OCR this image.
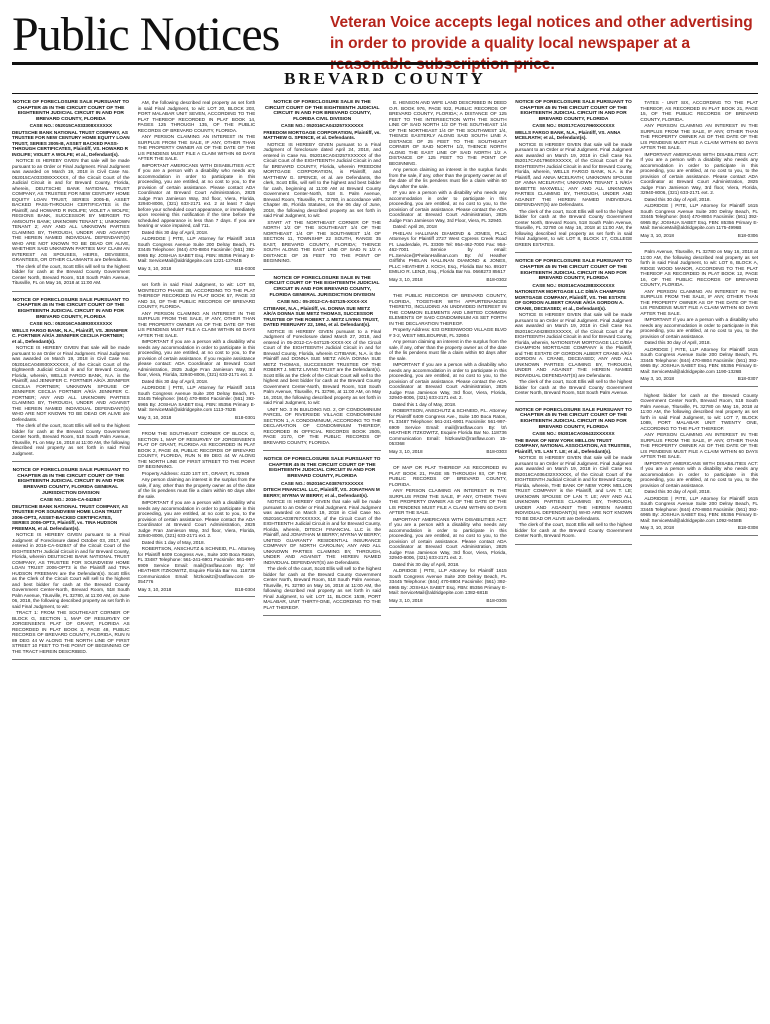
Public Notices	Veteran Voice accepts legal notices and other advertising in order to provide a quality local newspaper at a reasonable subscription price.
BREVARD COUNTY
NOTICE OF FORECLOSURE SALE PURSUANT TO CHAPTER 45 IN THE CIRCUIT COURT OF THE EIGHTEENTH JUDICIAL CIRCUIT IN AND FOR BREVARD COUNTY, FLORIDA
CASE NO.: 052015CA033308XXXXXX
DEUTSCHE BANK NATIONAL TRUST COMPANY, AS TRUSTEE FOR NEW CENTURY HOME EQUITY LOAN TRUST, SERIES 2005-B, ASSET BACKED PASS-THROUGH CERTIFICATES, Plaintiff, VS. HOWARD R INOLIFE; VIOLET A WOLFE; et al., Defendant(s).

NOTICE IS HEREBY GIVEN that sale will be made pursuant to an Order or Final Judgment. Final Judgment was awarded on March 19, 2018 in Civil Case No. 052015CA033308XXXXXX, of the Circuit Court of the Judicial Circuit in and for Brevard County, Florida, wherein, DEUTSCHE BANK NATIONAL TRUST COMPANY, AS TRUSTEE FOR NEW CENTURY HOME EQUITY LOAN TRUST, SERIES 2005-B, ASSET BACKED PASS-THROUGH CERTIFICATES is the Plaintiff, and HOWARD R INOLIFE; VIOLET A WOLFE; REGIONS BANK, SUCCESSOR BY MERGER TO AMSOUTH BANK; UNKNOWN TENANT 1; UNKNOWN TENANT 2; ANY AND ALL UNKNOWN PARTIES CLAIMING BY, THROUGH, UNDER AND AGAINST THE HEREIN NAMED INDIVIDUAL DEFENDANT(S) WHO ARE NOT KNOWN TO BE DEAD OR ALIVE, WHETHER SAID UNKNOWN PARTIES MAY CLAIM AN INTEREST AS SPOUSES, HEIRS, DEVISEES, GRANTEES, OR OTHER CLAIMANTS are Defendants.

The clerk of the court, Scott Ellis will sell to the highest bidder for cash at the Brevard County Government Center North, Brevard Room, 518 South Palm Avenue, Titusville, FL on May 16, 2018 at 11:00 AM.

NOTICE OF FORECLOSURE SALE PURSUANT TO CHAPTER 45 IN THE CIRCUIT COURT OF THE EIGHTEENTH JUDICIAL CIRCUIT IN AND FOR BREVARD COUNTY, FLORIDA
CASE NO.: 052016CA048930XXXXXX
WELLS FARGO BANK, N.A., Plaintiff, VS. JENNIFER C. FORTNER A/K/A JENNIFER CECILIA FORTNER; et al., Defendant(s).

NOTICE IS HEREBY GIVEN that sale will be made pursuant to an Order or Final Judgment. Final Judgment was awarded on March 19, 2018 in Civil Case No. 052016CA048930XXXXXX, of the Circuit Court of the Eighteenth Judicial Circuit in and for Brevard County, Florida, wherein, WELLS FARGO BANK, N.A. is the Plaintiff, and JENNIFER C. FORTNER A/K/A JENNIFER CECILIA FORTNER; UNKNOWN SPOUSE OF JENNIFER CECILIA FORTNER A/K/A JENNIFER C. FORTNER; ANY AND ALL UNKNOWN PARTIES CLAIMING BY, THROUGH, UNDER AND AGAINST THE HEREIN NAMED INDIVIDUAL DEFENDANT(S) WHO ARE NOT KNOWN TO BE DEAD OR ALIVE are Defendants.

The clerk of the court, Scott Ellis will sell to the highest bidder for cash at the Brevard County Government Center North, Brevard Room, 518 South Palm Avenue, Titusville, FL on May 16, 2018 at 11:00 AM, the following described real property as set forth in said Final Judgment.

NOTICE OF FORECLOSURE SALE PURSUANT TO CHAPTER 45 IN THE CIRCUIT COURT OF THE EIGHTEENTH JUDICIAL CIRCUIT IN AND FOR BREVARD COUNTY, FLORIDA GENERAL JURISDICTION DIVISION
CASE NO.: 2016-CA-042847
DEUTSCHE BANK NATIONAL TRUST COMPANY, AS TRUSTEE FOR SOUNDVIEW HOME LOAN TRUST 2006-OPT3, ASSET-BACKED CERTIFICATES, SERIES 2006-OPT3, Plaintiff, vs. TINA HUDSON FREEMAN, et al. Defendant(s).

NOTICE IS HEREBY GIVEN pursuant to a Final Judgment of Foreclosure dated October 03, 2017, and entered in 2016-CA-042847 of the Circuit Court of the EIGHTEENTH Judicial Circuit in and for Brevard County, Florida, wherein DEUTSCHE BANK NATIONAL TRUST COMPANY, AS TRUSTEE FOR SOUNDVIEW HOME LOAN TRUST 2006-OPT3 is the Plaintiff and TINA HUDSON FREEMAN are the Defendant(s). Scott Ellis as the Clerk of the Circuit Court will sell to the highest and best bidder for cash at the Brevard County Government Center-North, Brevard Room, 518 South Palm Avenue, Titusville, FL 32780, at 11:00 AM, on June 06, 2018, the following described property as set forth in said Final Judgment, to wit:

TRACT 1: FROM THE SOUTHEAST CORNER OF BLOCK G, SECTION 1, MAP OF RESURVEY OF JORGENSEN'S PLAT OF GRANT, FLORIDA AS RECORDED IN PLAT BOOK 2, PAGE 48, PUBLIC RECORDS OF BREVARD COUNTY, FLORIDA, RUN N 89 DEG 44 W ALONG THE NORTH LINE OF FIRST STREET 10 FEET TO THE POINT OF BEGINNING OF THE TRACT HEREIN DESCRIBED.

AM, the following described real property as set forth in said Final Judgment, to wit: LOT 20, BLOCK 203, PORT MALABAR UNIT SEVEN, ACCORDING TO THE PLAT THEREOF RECORDED IN PLAT BOOK 14, PAGES 125 THROUGH 135, OF THE PUBLIC RECORDS OF BREVARD COUNTY, FLORIDA.

ANY PERSON CLAIMING AN INTEREST IN THE SURPLUS FROM THE SALE, IF ANY, OTHER THAN THE PROPERTY OWNER AS OF THE DATE OF THE LIS PENDENS MUST FILE A CLAIM WITHIN 60 DAYS AFTER THE SALE.

IMPORTANT AMERICANS WITH DISABILITIES ACT: If you are a person with a disability who needs any accommodation in order to participate in this proceeding, you are entitled, at no cost to you, to the provision of certain assistance. Please contact ADA Coordinator at Brevard Court Administration, 2825 Judge Fran Jamieson Way, 3rd floor, Viera, Florida, 32940-8006, (321) 633-2171 ext. 2 at least 7 days before your scheduled court appearance, or immediately upon receiving this notification if the time before the scheduled appearance is less than 7 days. If you are hearing or voice impaired, call 711.

Dated this 30 day of April, 2018.

ALDRIDGE | PITE, LLP Attorney for Plaintiff 1615 South Congress Avenue Suite 200 Delray Beach, FL 33445 Telephone: (844) 470-8804 Facsimile: (561) 392-6965 By: JOSHUA SABET Esq. FBN: 85356 Primary E-Mail: ServiceMail@aldridgepite.com 1221-12764B

May 3, 10, 2018	B18-0300

set forth in said Final Judgment, to wit: LOT 93, MONTECITO PHASE 2B, ACCORDING TO THE PLAT THEREOF RECORDED IN PLAT BOOK 57, PAGE 33 AND 34, OF THE PUBLIC RECORDS OF BREVARD COUNTY, FLORIDA.

ANY PERSON CLAIMING AN INTEREST IN THE SURPLUS FROM THE SALE, IF ANY, OTHER THAN THE PROPERTY OWNER AS OF THE DATE OF THE LIS PENDENS MUST FILE A CLAIM WITHIN 60 DAYS AFTER THE SALE.

IMPORTANT If you are a person with a disability who needs any accommodation in order to participate in this proceeding, you are entitled, at no cost to you, to the provision of certain assistance. If you require assistance please contact: ADA Coordinator at Brevard Court Administration, 2825 Judge Fran Jamieson Way, 3rd floor, Viera, Florida, 32940-8006, (321) 633-2171 ext. 2.

Dated this 30 day of April, 2018.

ALDRIDGE | PITE, LLP Attorney for Plaintiff 1615 South Congress Avenue Suite 200 Delray Beach, FL 33445 Telephone: (844) 470-8804 Facsimile: (561) 392-6965 By: JOSHUA SABET Esq. FBN: 85356 Primary E-Mail: ServiceMail@aldridgepite.com 1113-752B

May 3, 10, 2018	B18-0301

FROM THE SOUTHEAST CORNER OF BLOCK G, SECTION 1, MAP OF RESURVEY OF JORGENSEN'S PLAT OF GRANT, FLORIDA AS RECORDED IN PLAT BOOK 2, PAGE 48, PUBLIC RECORDS OF BREVARD COUNTY, FLORIDA, RUN N 89 DEG 44 W ALONG THE NORTH LINE OF FIRST STREET TO THE POINT OF BEGINNING.

Property Address: 4120 1ST ST., GRANT, FL 32949

Any person claiming an interest in the surplus from the sale, if any, other than the property owner as of the date of the lis pendens must file a claim within 60 days after the sale.

IMPORTANT If you are a person with a disability who needs any accommodation in order to participate in this proceeding, you are entitled, at no cost to you, to the provision of certain assistance. Please contact the ADA Coordinator at Brevard Court Administration, 2825 Judge Fran Jamieson Way, 3rd floor, Viera, Florida, 32940-8006, (321) 633-2171 ext. 2.

Dated this 1 day of May, 2018.

ROBERTSON, ANSCHUTZ & SCHNEID, P.L. Attorney for Plaintiff 6409 Congress Ave., Suite 100 Boca Raton, FL 33487 Telephone: 561-241-6901 Facsimile: 561-997-6909 Service Email: mail@rasflaw.com By: \S\ HEATHER ITZKOWITZ, Esquire Florida Bar No. 118736 Communication Email: hitzkowitz@rasflaw.com 16-054776

May 3, 10, 2018	B18-0304
NOTICE OF FORECLOSURE SALE IN THE CIRCUIT COURT OF THE EIGHTEENTH JUDICIAL CIRCUIT IN AND FOR BREVARD COUNTY, FLORIDA CIVIL DIVISION
CASE NO.: 052016CA043257XXXXXX
FREEDOM MORTGAGE CORPORATION, Plaintiff, vs. MATTHEW G. SPENCE, et al. Defendants.

NOTICE IS HEREBY GIVEN pursuant to a Final Judgment of foreclosure dated April 24, 2018, and entered in Case No. 052016CA043257XXXXXX of the Circuit Court of the EIGHTEENTH Judicial Circuit in and for BREVARD COUNTY, Florida, wherein FREEDOM MORTGAGE CORPORATION, is Plaintiff, and MATTHEW G. SPENCE, et al. are Defendants, the clerk, Scott Ellis, will sell to the highest and best bidder for cash, beginning at 11:00 AM at Brevard County Government Center-North, 518 S. Palm Avenue, Brevard Room, Titusville, FL 32780, in accordance with Chapter 45, Florida Statutes, on the 06 day of June, 2018, the following described property as set forth in said Final Judgment, to wit:

START AT THE NORTHEAST CORNER OF THE NORTH 1/2 OF THE SOUTHEAST 1/4 OF THE NORTHEAST 1/4 OF THE SOUTHWEST 1/4 OF SECTION 11, TOWNSHIP 22 SOUTH, RANGE 35 EAST, BREVARD COUNTY, FLORIDA; THENCE SOUTH ALONG THE EAST LINE OF SAID N 1/2 A DISTANCE OF 25 FEET TO THE POINT OF BEGINNING.

NOTICE OF FORECLOSURE SALE IN THE CIRCUIT COURT OF THE EIGHTEENTH JUDICIAL CIRCUIT IN AND FOR BREVARD COUNTY, FLORIDA GENERAL JURISDICTION DIVISION
CASE NO.: 05-2012-CA-047125-XXXX-XX
CITIBANK, N.A., Plaintiff, vs. DONNA SUE METZ A/K/A DONNA SUE METZ THOMAS, SUCCESSOR TRUSTEE OF THE ROBERT J. METZ LIVING TRUST, DATED FEBRUARY 22, 1994, et al. Defendant(s).

NOTICE IS HEREBY GIVEN pursuant to a Final Judgment of Foreclosure dated March 27, 2018, and entered in 05-2012-CA-047125-XXXX-XX of the Circuit Court of the EIGHTEENTH Judicial Circuit in and for Brevard County, Florida, wherein CITIBANK, N.A. is the Plaintiff and DONNA SUE METZ A/K/A DONNA SUE METZ THOMAS, SUCCESSOR TRUSTEE OF THE ROBERT J. METZ LIVING TRUST are the Defendant(s). Scott Ellis as the Clerk of the Circuit Court will sell to the highest and best bidder for cash at the Brevard County Government Center-North, Brevard Room, 518 South Palm Avenue, Titusville, FL 32796, at 11:00 AM, on May 16, 2018, the following described property as set forth in said Final Judgment, to wit:

UNIT NO. 3 IN BUILDING NO. 2, OF CONDOMINIUM PARCEL OF RIVERSIDE VILLAGE CONDOMINIUM SECTION 1, A CONDOMINIUM, ACCORDING TO THE DECLARATION OF CONDOMINIUM THEREOF, RECORDED IN OFFICIAL RECORDS BOOK 2505, PAGE 2170, OF THE PUBLIC RECORDS OF BREVARD COUNTY, FLORIDA.

NOTICE OF FORECLOSURE SALE PURSUANT TO CHAPTER 45 IN THE CIRCUIT COURT OF THE EIGHTEENTH JUDICIAL CIRCUIT IN AND FOR BREVARD COUNTY, FLORIDA
CASE NO.: 052016CA038767XXXXXX
DITECH FINANCIAL LLC, Plaintiff, VS. JONATHAN M BERRY; MYRNA W BERRY; et al., Defendant(s).

NOTICE IS HEREBY GIVEN that sale will be made pursuant to an Order or Final Judgment. Final Judgment was awarded on March 19, 2018 in Civil Case No. 052016CA038767XXXXXX, of the Circuit Court of the EIGHTEENTH Judicial Circuit in and for Brevard County, Florida, wherein, DITECH FINANCIAL LLC is the Plaintiff, and JONATHAN M BERRY; MYRNA W BERRY; UNITED GUARANTY RESIDENTIAL INSURANCE COMPANY OF NORTH CAROLINA; ANY AND ALL UNKNOWN PARTIES CLAIMING BY, THROUGH, UNDER AND AGAINST THE HEREIN NAMED INDIVIDUAL DEFENDANT(S) are Defendants.

The clerk of the court, Scott Ellis will sell to the highest bidder for cash at the Brevard County Government Center North, Brevard Room, 518 South Palm Avenue, Titusville, FL 32780 on May 16, 2018 at 11:00 AM, the following described real property as set forth in said Final Judgment, to wit: LOT 11, BLOCK 1539, PORT MALABAR, UNIT THIRTY-ONE, ACCORDING TO THE PLAT THEREOF.

E. HENSON AND WIFE LAND DESCRIBED IN DEED O.R. BOOK 976, PAGE 922, PUBLIC RECORDS OF BREVARD COUNTY, FLORIDA; A DISTANCE OF 125 FEET TO THE INTERSECTION WITH THE SOUTH LINE OF SAID NORTH 1/2 OF THE SOUTHEAST 1/4 OF THE NORTHEAST 1/4 OF THE SOUTHWEST 1/4, THENCE EASTERLY ALONG SAID SOUTH LINE A DISTANCE OF 25 FEET TO THE SOUTHEAST CORNER OF SAID NORTH 1/2, THENCE NORTH ALONG THE EAST LINE OF SAID NORTH 1/2 A DISTANCE OF 125 FEET TO THE POINT OF BEGINNING.

Any person claiming an interest in the surplus funds from the sale, if any, other than the property owner as of the date of the lis pendens must file a claim within 60 days after the sale.

IF you are a person with a disability who needs any accommodation in order to participate in this proceeding, you are entitled, at no cost to you, to the provision of certain assistance. Please contact the ADA Coordinator at Brevard Court Administration, 2825 Judge Fran Jamieson Way, 3rd Floor, Viera, FL 32940.

Dated: April 26, 2018

PHELAN HALLINAN DIAMOND & JONES, PLLC Attorneys for Plaintiff 2727 West Cypress Creek Road Ft. Lauderdale, FL 33309 Tel: 954-462-7000 Fax: 954-462-7001 Service by email: FL.Service@PhelanHallinan.com By: /s/ Heather Griffiths PHELAN HALLINAN DIAMOND & JONES, PLLC HEATHER J. KOCH, Esq., Florida Bar No. 89107 EMILIO R. LENZI, Esq., Florida Bar No. 0668273 85617

May 3, 10, 2018	B18-0302

THE PUBLIC RECORDS OF BREVARD COUNTY, FLORIDA, TOGETHER WITH APPURTENANCES THERETO, INCLUDING AN UNDIVIDED INTEREST IN THE COMMON ELEMENTS AND LIMITED COMMON ELEMENTS OF SAID CONDOMINIUM AS SET FORTH IN THE DECLARATION THEREOF.

Property Address: 633 GREENWOOD VILLAGE BLVD # 3-2, WEST MELBOURNE, FL 32904

Any person claiming an interest in the surplus from the sale, if any, other than the property owner as of the date of the lis pendens must file a claim within 60 days after the sale.

IMPORTANT If you are a person with a disability who needs any accommodation in order to participate in this proceeding, you are entitled, at no cost to you, to the provision of certain assistance. Please contact the ADA Coordinator at Brevard Court Administration, 2825 Judge Fran Jamieson Way, 3rd floor, Viera, Florida, 32940-8006, (321) 633-2171 ext. 2.

Dated this 1 day of May, 2018.

ROBERTSON, ANSCHUTZ & SCHNEID, P.L. Attorney for Plaintiff 6409 Congress Ave., Suite 100 Boca Raton, FL 33487 Telephone: 561-241-6901 Facsimile: 561-997-6909 Service Email: mail@rasflaw.com By: \S\ HEATHER ITZKOWITZ, Esquire Florida Bar No. 118736 Communication Email: hitzkowitz@rasflaw.com 15-053368

May 3, 10, 2018	B18-0303

OF MAP OR PLAT THEREOF AS RECORDED IN PLAT BOOK 21, PAGE 85 THROUGH 93, OF THE PUBLIC RECORDS OF BREVARD COUNTY, FLORIDA.

ANY PERSON CLAIMING AN INTEREST IN THE SURPLUS FROM THE SALE, IF ANY, OTHER THAN THE PROPERTY OWNER AS OF THE DATE OF THE LIS PENDENS MUST FILE A CLAIM WITHIN 60 DAYS AFTER THE SALE.

IMPORTANT AMERICANS WITH DISABILITIES ACT: If you are a person with a disability who needs any accommodation in order to participate in this proceeding, you are entitled, at no cost to you, to the provision of certain assistance. Please contact ADA Coordinator at Brevard Court Administration, 2825 Judge Fran Jamieson Way, 3rd floor, Viera, Florida, 32940-8006, (321) 633-2171 ext. 2.

Dated this 30 day of April, 2018.

ALDRIDGE | PITE, LLP Attorney for Plaintiff 1615 South Congress Avenue Suite 200 Delray Beach, FL 33445 Telephone: (844) 470-8804 Facsimile: (561) 392-6965 By: JOSHUA SABET Esq. FBN: 85356 Primary E-Mail: ServiceMail@aldridgepite.com 1382-681B

May 3, 10, 2018	B18-0305
NOTICE OF FORECLOSURE SALE PURSUANT TO CHAPTER 45 IN THE CIRCUIT COURT OF THE EIGHTEENTH JUDICIAL CIRCUIT IN AND FOR BREVARD COUNTY, FLORIDA
CASE NO.: 052017CA017960XXXXXX
WELLS FARGO BANK, N.A., Plaintiff, VS. ANNA MCELRATH; et al., Defendant(s).

NOTICE IS HEREBY GIVEN that sale will be made pursuant to an Order or Final Judgment. Final Judgment was awarded on March 19, 2018 in Civil Case No. 052017CA017960XXXXXX, of the Circuit Court of the EIGHTEENTH Judicial Circuit in and for Brevard County, Florida, wherein, WELLS FARGO BANK, N.A. is the Plaintiff, and ANNA MCELRATH; UNKNOWN SPOUSE OF ANNA MCELRATH; UNKNOWN TENANT 1 N/K/A BABETTE MAXWELL; ANY AND ALL UNKNOWN PARTIES CLAIMING BY, THROUGH, UNDER AND AGAINST THE HEREIN NAMED INDIVIDUAL DEFENDANT(S) are Defendants.

The clerk of the court, Scott Ellis will sell to the highest bidder for cash at the Brevard County Government Center North, Brevard Room, 518 South Palm Avenue, Titusville, FL 32780 on May 16, 2018 at 11:00 AM, the following described real property as set forth in said Final Judgment, to wit: LOT 8, BLOCK 17, COLLEGE GREEN ESTATES.

NOTICE OF FORECLOSURE SALE PURSUANT TO CHAPTER 45 IN THE CIRCUIT COURT OF THE EIGHTEENTH JUDICIAL CIRCUIT IN AND FOR BREVARD COUNTY, FLORIDA
CASE NO.: 052016CA042883XXXXXX
NATIONSTAR MORTGAGE LLC D/B/A CHAMPION MORTGAGE COMPANY, Plaintiff, VS. THE ESTATE OF GORDON ALBERT CRANE A/K/A GORDON A. CRANE, DECEASED; et al., Defendant(s).

NOTICE IS HEREBY GIVEN that sale will be made pursuant to an Order or Final Judgment. Final Judgment was awarded on March 19, 2018 in Civil Case No. 052016CA042883XXXXXX, of the Circuit Court of the EIGHTEENTH Judicial Circuit in and for Brevard County, Florida, wherein, NATIONSTAR MORTGAGE LLC D/B/A CHAMPION MORTGAGE COMPANY is the Plaintiff, and THE ESTATE OF GORDON ALBERT CRANE A/K/A GORDON A. CRANE, DECEASED; ANY AND ALL UNKNOWN PARTIES CLAIMING BY, THROUGH, UNDER AND AGAINST THE HEREIN NAMED INDIVIDUAL DEFENDANT(S) are Defendants.

The clerk of the court, Scott Ellis will sell to the highest bidder for cash at the Brevard County Government Center North, Brevard Room, 518 South Palm Avenue.

NOTICE OF FORECLOSURE SALE PURSUANT TO CHAPTER 45 IN THE CIRCUIT COURT OF THE EIGHTEENTH JUDICIAL CIRCUIT IN AND FOR BREVARD COUNTY, FLORIDA
CASE NO.: 052016CA036432XXXXXX
THE BANK OF NEW YORK MELLON TRUST COMPANY, NATIONAL ASSOCIATION, AS TRUSTEE, Plaintiff, VS. LAN T. LE; et al., Defendant(s).

NOTICE IS HEREBY GIVEN that sale will be made pursuant to an Order or Final Judgment. Final Judgment was awarded on March 19, 2018 in Civil Case No. 052016CA036432XXXXXX, of the Circuit Court of the EIGHTEENTH Judicial Circuit in and for Brevard County, Florida, wherein, THE BANK OF NEW YORK MELLON TRUST COMPANY is the Plaintiff, and LAN T. LE; UNKNOWN SPOUSE OF LAN T. LE; ANY AND ALL UNKNOWN PARTIES CLAIMING BY, THROUGH, UNDER AND AGAINST THE HEREIN NAMED INDIVIDUAL DEFENDANT(S) WHO ARE NOT KNOWN TO BE DEAD OR ALIVE are Defendants.

The clerk of the court, Scott Ellis will sell to the highest bidder for cash at the Brevard County Government Center North, Brevard Room.

TATES - UNIT SIX, ACCORDING TO THE PLAT THEREOF, AS RECORDED IN PLAT BOOK 21, PAGE 15, OF THE PUBLIC RECORDS OF BREVARD COUNTY, FLORIDA.

ANY PERSON CLAIMING AN INTEREST IN THE SURPLUS FROM THE SALE, IF ANY, OTHER THAN THE PROPERTY OWNER AS OF THE DATE OF THE LIS PENDENS MUST FILE A CLAIM WITHIN 60 DAYS AFTER THE SALE.

IMPORTANT AMERICANS WITH DISABILITIES ACT: If you are a person with a disability who needs any accommodation in order to participate in this proceeding, you are entitled, at no cost to you, to the provision of certain assistance. Please contact ADA Coordinator at Brevard Court Administration, 2825 Judge Fran Jamieson Way, 3rd floor, Viera, Florida, 32940-8006, (321) 633-2171 ext. 2.

Dated this 30 day of April, 2018.

ALDRIDGE | PITE, LLP Attorney for Plaintiff 1615 South Congress Avenue Suite 200 Delray Beach, FL 33445 Telephone: (844) 470-8804 Facsimile: (561) 392-6965 By: JOSHUA SABET Esq. FBN: 85356 Primary E-Mail: ServiceMail@aldridgepite.com 1175-4996B

May 3, 10, 2018	B18-0306

Palm Avenue, Titusville, FL 32780 on May 16, 2018 at 11:00 AM, the following described real property as set forth in said Final Judgment, to wit: LOT 6, BLOCK A, RIDGE WOOD MANOR, ACCORDING TO THE PLAT THEREOF AS RECORDED IN PLAT BOOK 12, PAGE 16, OF THE PUBLIC RECORDS OF BREVARD COUNTY, FLORIDA.

ANY PERSON CLAIMING AN INTEREST IN THE SURPLUS FROM THE SALE, IF ANY, OTHER THAN THE PROPERTY OWNER AS OF THE DATE OF THE LIS PENDENS MUST FILE A CLAIM WITHIN 60 DAYS AFTER THE SALE.

IMPORTANT If you are a person with a disability who needs any accommodation in order to participate in this proceeding, you are entitled, at no cost to you, to the provision of certain assistance.

Dated this 30 day of April, 2018.

ALDRIDGE | PITE, LLP Attorney for Plaintiff 1615 South Congress Avenue Suite 200 Delray Beach, FL 33445 Telephone: (844) 470-8804 Facsimile: (561) 392-6965 By: JOSHUA SABET Esq. FBN: 85356 Primary E-Mail: ServiceMail@aldridgepite.com 1190-1326B

May 3, 10, 2018	B18-0307

highest bidder for cash at the Brevard County Government Center North, Brevard Room, 518 South Palm Avenue, Titusville, FL 32780 on May 16, 2018 at 11:00 AM, the following described real property as set forth in said Final Judgment, to wit: LOT 7, BLOCK 1089, PORT MALABAR UNIT TWENTY ONE, ACCORDING TO THE PLAT THEREOF.

ANY PERSON CLAIMING AN INTEREST IN THE SURPLUS FROM THE SALE, IF ANY, OTHER THAN THE PROPERTY OWNER AS OF THE DATE OF THE LIS PENDENS MUST FILE A CLAIM WITHIN 60 DAYS AFTER THE SALE.

IMPORTANT AMERICANS WITH DISABILITIES ACT: If you are a person with a disability who needs any accommodation in order to participate in this proceeding, you are entitled, at no cost to you, to the provision of certain assistance.

Dated this 30 day of April, 2018.

ALDRIDGE | PITE, LLP Attorney for Plaintiff 1615 South Congress Avenue Suite 200 Delray Beach, FL 33445 Telephone: (844) 470-8804 Facsimile: (561) 392-6965 By: JOSHUA SABET Esq. FBN: 85356 Primary E-Mail: ServiceMail@aldridgepite.com 1092-9458B

May 3, 10, 2018	B18-0308
